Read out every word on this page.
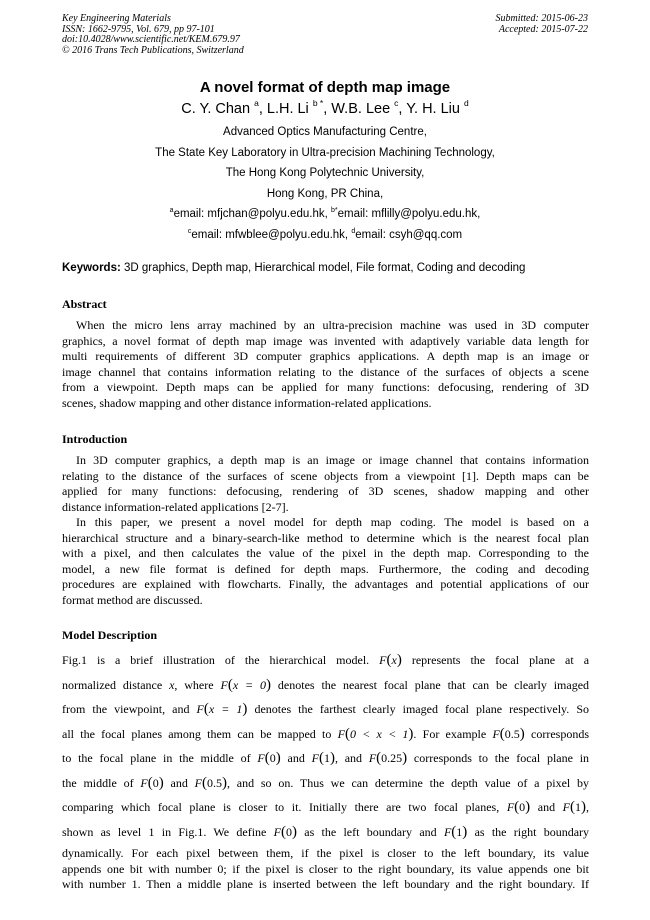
Key Engineering Materials
ISSN: 1662-9795, Vol. 679, pp 97-101
doi:10.4028/www.scientific.net/KEM.679.97
© 2016 Trans Tech Publications, Switzerland
Submitted: 2015-06-23
Accepted: 2015-07-22
A novel format of depth map image
C. Y. Chan $^a$, L.H. Li $^{b *}$, W.B. Lee $^c$, Y. H. Liu $^d$
Advanced Optics Manufacturing Centre,
The State Key Laboratory in Ultra-precision Machining Technology,
The Hong Kong Polytechnic University,
Hong Kong, PR China,
$^a$email: mfjchan@polyu.edu.hk, $^{b*}$email: mflilly@polyu.edu.hk,
$^c$email: mfwblee@polyu.edu.hk, $^d$email: csyh@qq.com
Keywords: 3D graphics, Depth map, Hierarchical model, File format, Coding and decoding
Abstract
When the micro lens array machined by an ultra-precision machine was used in 3D computer
graphics, a novel format of depth map image was invented with adaptively variable data length for
multi requirements of different 3D computer graphics applications. A depth map is an image or
image channel that contains information relating to the distance of the surfaces of objects a scene
from a viewpoint. Depth maps can be applied for many functions: defocusing, rendering of 3D
scenes, shadow mapping and other distance information-related applications.
Introduction
In 3D computer graphics, a depth map is an image or image channel that contains information
relating to the distance of the surfaces of scene objects from a viewpoint [1]. Depth maps can be
applied for many functions: defocusing, rendering of 3D scenes, shadow mapping and other
distance information-related applications [2-7].
In this paper, we present a novel model for depth map coding. The model is based on a
hierarchical structure and a binary-search-like method to determine which is the nearest focal plan
with a pixel, and then calculates the value of the pixel in the depth map. Corresponding to the
model, a new file format is defined for depth maps. Furthermore, the coding and decoding
procedures are explained with flowcharts. Finally, the advantages and potential applications of our
format method are discussed.
Model Description
Fig.1 is a brief illustration of the hierarchical model. F(x) represents the focal plane at a
normalized distance x, where F(x = 0) denotes the nearest focal plane that can be clearly imaged
from the viewpoint, and F(x = 1) denotes the farthest clearly imaged focal plane respectively. So
all the focal planes among them can be mapped to F(0 < x < 1). For example F(0.5) corresponds
to the focal plane in the middle of F(0) and F(1), and F(0.25) corresponds to the focal plane in
the middle of F(0) and F(0.5), and so on. Thus we can determine the depth value of a pixel by
comparing which focal plane is closer to it. Initially there are two focal planes, F(0) and F(1),
shown as level 1 in Fig.1. We define F(0) as the left boundary and F(1) as the right boundary
dynamically. For each pixel between them, if the pixel is closer to the left boundary, its value
appends one bit with number 0; if the pixel is closer to the right boundary, its value appends one bit
with number 1. Then a middle plane is inserted between the left boundary and the right boundary. If
